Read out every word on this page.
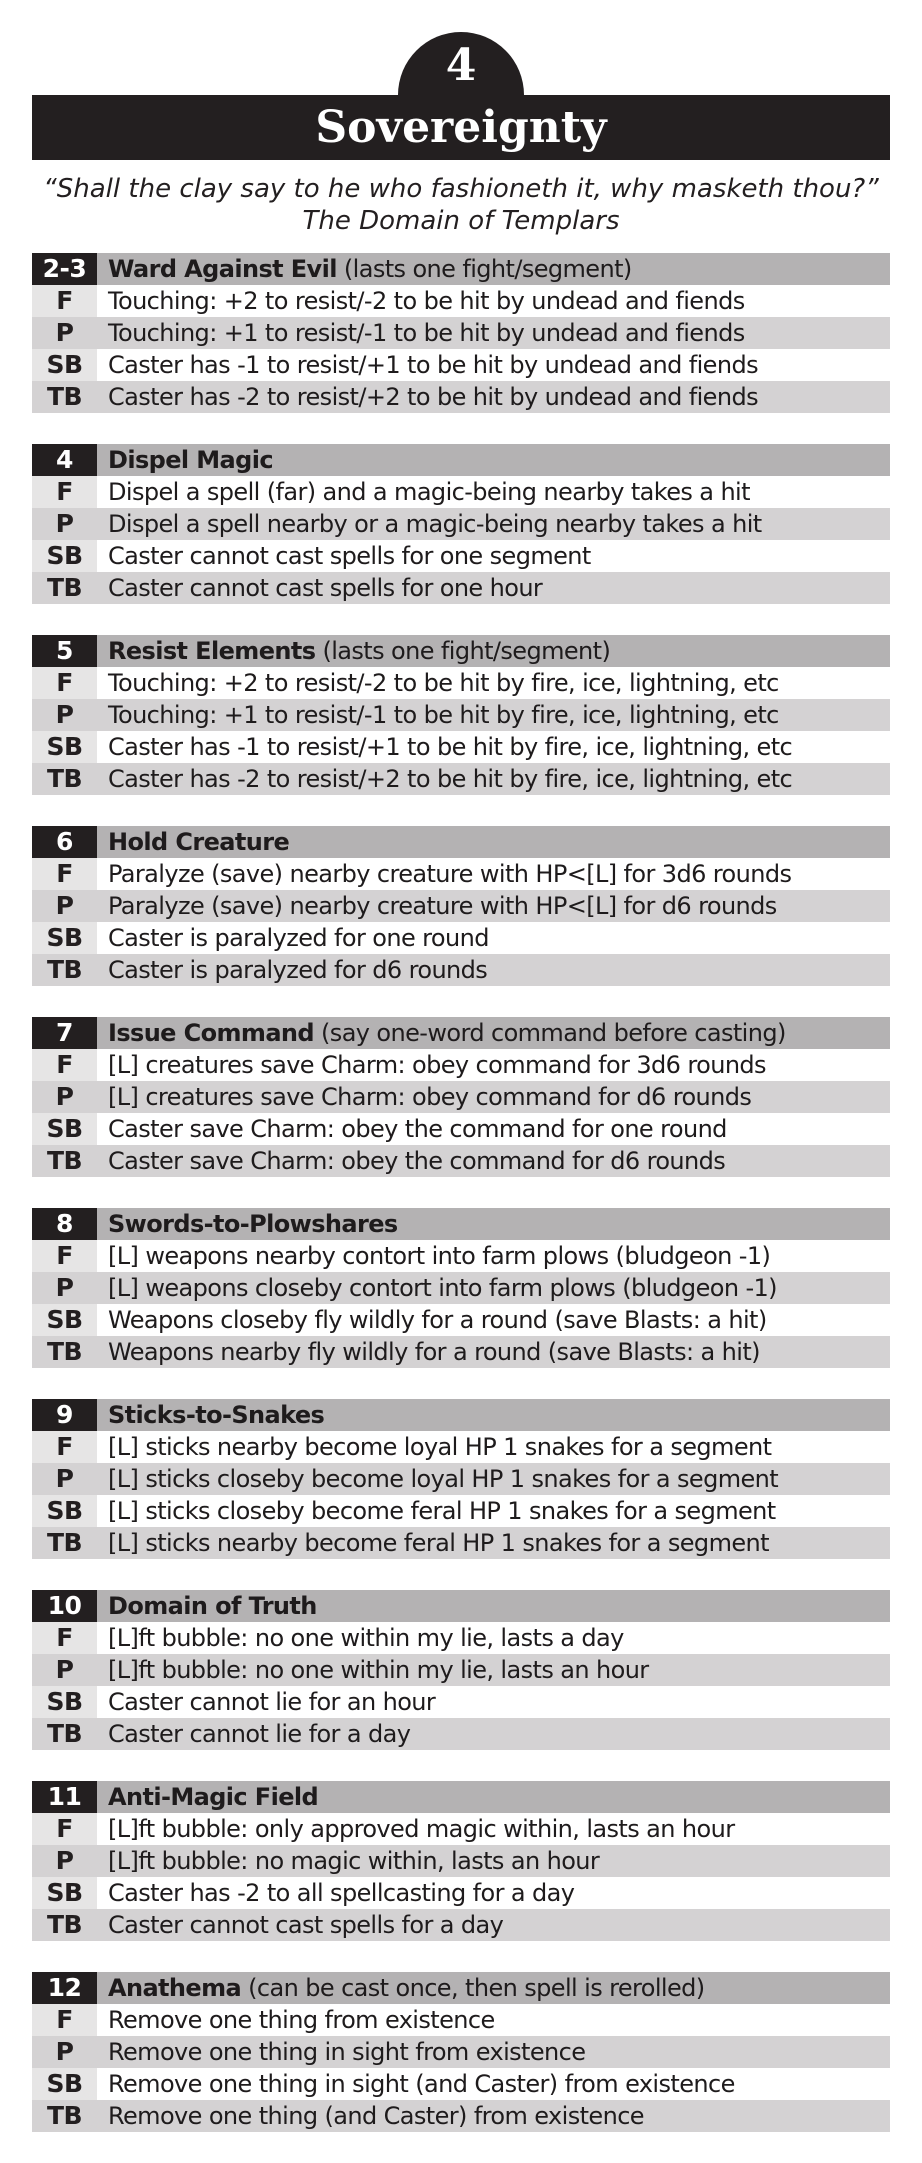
4
Sovereignty
“Shall the clay say to he who fashioneth it, why masketh thou?”
The Domain of Templars
2-3 Ward Against Evil (lasts one fight/segment)
F	Touching: +2 to resist/-2 to be hit by undead and fiends
P	Touching: +1 to resist/-1 to be hit by undead and fiends
SB	Caster has -1 to resist/+1 to be hit by undead and fiends
TB	Caster has -2 to resist/+2 to be hit by undead and fiends
4	Dispel Magic
F	Dispel a spell (far) and a magic-being nearby takes a hit
P	Dispel a spell nearby or a magic-being nearby takes a hit
SB	Caster cannot cast spells for one segment
TB	Caster cannot cast spells for one hour
5	Resist Elements (lasts one fight/segment)
F	Touching: +2 to resist/-2 to be hit by fire, ice, lightning, etc
P	Touching: +1 to resist/-1 to be hit by fire, ice, lightning, etc
SB	Caster has -1 to resist/+1 to be hit by fire, ice, lightning, etc
TB	Caster has -2 to resist/+2 to be hit by fire, ice, lightning, etc
6	Hold Creature
F	Paralyze (save) nearby creature with HP<[L] for 3d6 rounds
P	Paralyze (save) nearby creature with HP<[L] for d6 rounds
SB	Caster is paralyzed for one round
TB	Caster is paralyzed for d6 rounds
7	Issue Command (say one-word command before casting)
F	[L] creatures save Charm: obey command for 3d6 rounds
P	[L] creatures save Charm: obey command for d6 rounds
SB	Caster save Charm: obey the command for one round
TB	Caster save Charm: obey the command for d6 rounds
8	Swords-to-Plowshares
F	[L] weapons nearby contort into farm plows (bludgeon -1)
P	[L] weapons closeby contort into farm plows (bludgeon -1)
SB	Weapons closeby fly wildly for a round (save Blasts: a hit)
TB	Weapons nearby fly wildly for a round (save Blasts: a hit)
9	Sticks-to-Snakes
F	[L] sticks nearby become loyal HP 1 snakes for a segment
P	[L] sticks closeby become loyal HP 1 snakes for a segment
SB	[L] sticks closeby become feral HP 1 snakes for a segment
TB	[L] sticks nearby become feral HP 1 snakes for a segment
10	Domain of Truth
F	[L]ft bubble: no one within my lie, lasts a day
P	[L]ft bubble: no one within my lie, lasts an hour
SB	Caster cannot lie for an hour
TB	Caster cannot lie for a day
11	Anti-Magic Field
F	[L]ft bubble: only approved magic within, lasts an hour
P	[L]ft bubble: no magic within, lasts an hour
SB	Caster has -2 to all spellcasting for a day
TB	Caster cannot cast spells for a day
12	Anathema (can be cast once, then spell is rerolled)
F	Remove one thing from existence
P	Remove one thing in sight from existence
SB	Remove one thing in sight (and Caster) from existence
TB	Remove one thing (and Caster) from existence
